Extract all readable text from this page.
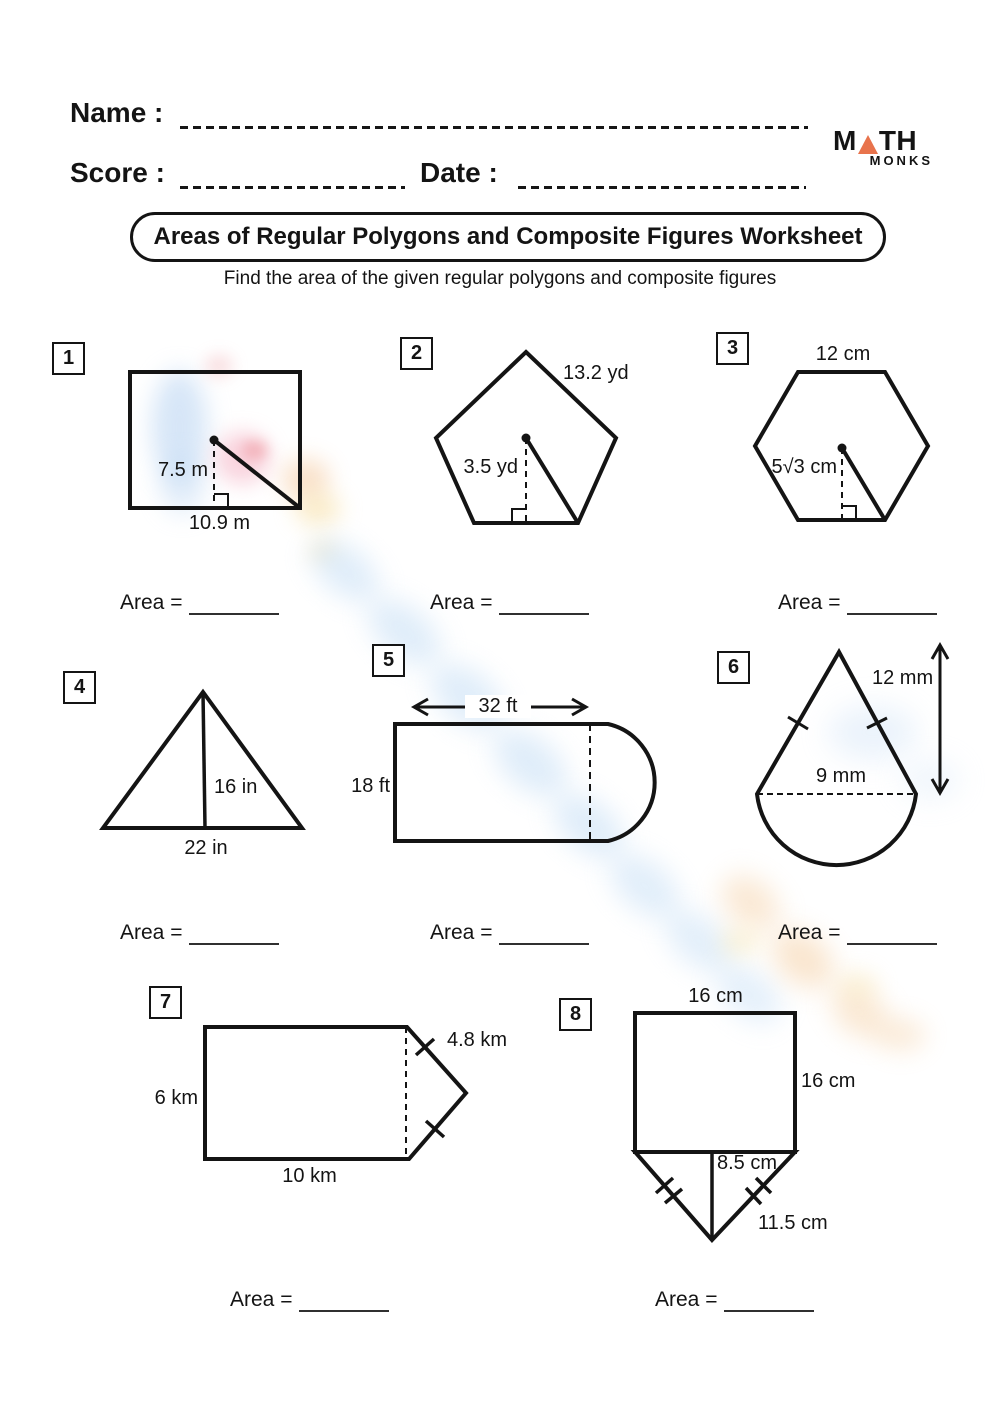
Name :
Score :	Date :
M TH
MONKS
Areas of Regular Polygons and Composite Figures Worksheet
Find the area of the given regular polygons and composite figures
1
7.5 m
10.9 m
2
13.2 yd
3.5 yd
3	12 cm
5√3 cm
Area =	Area =	Area =
4
16 in
22 in
5
32 ft
18 ft
6	12 mm
9 mm
Area =	Area =	Area =
7
4.8 km
6 km
10 km
8
16 cm
16 cm
8.5 cm
11.5 cm
Area =	Area =
